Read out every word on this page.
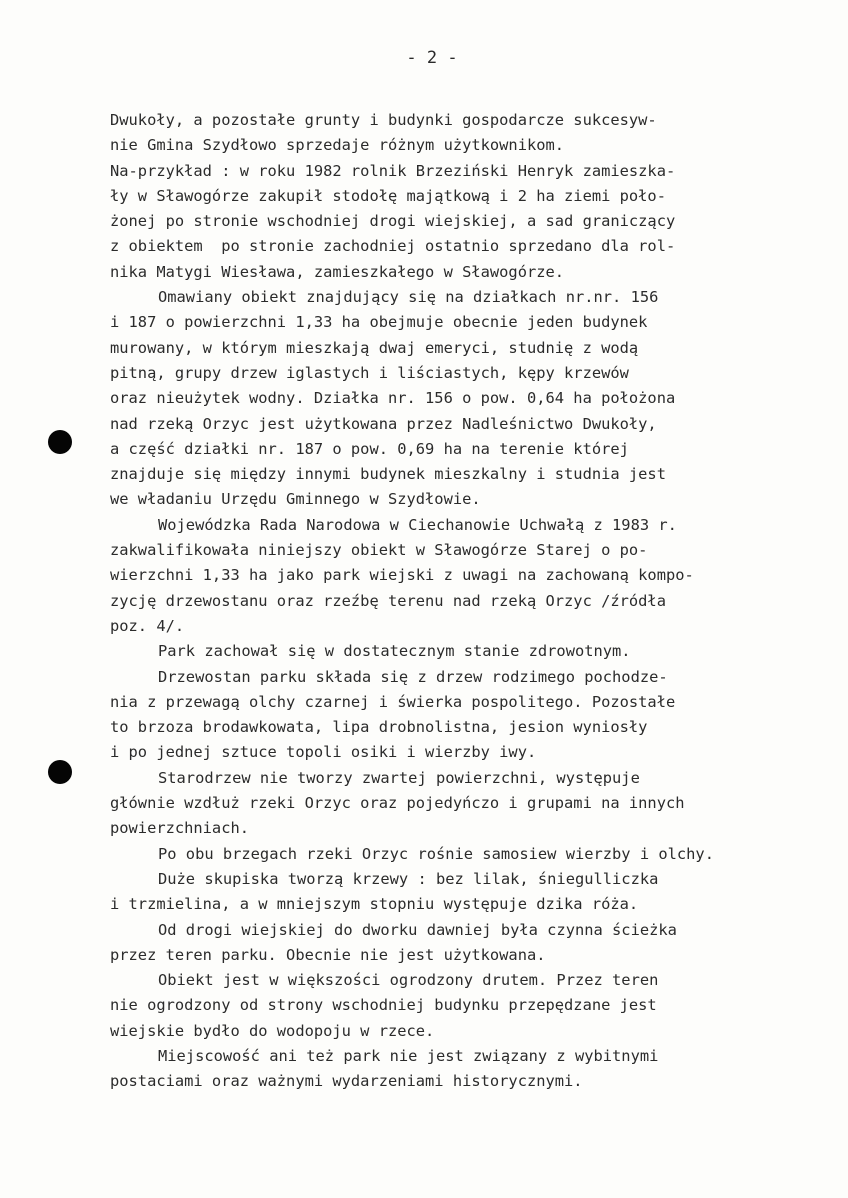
- 2 -
Dwukoły, a pozostałe grunty i budynki gospodarcze sukcesyw-
nie Gmina Szydłowo sprzedaje różnym użytkownikom.
Na-przykład : w roku 1982 rolnik Brzeziński Henryk zamieszka-
ły w Sławogórze zakupił stodołę majątkową i 2 ha ziemi poło-
żonej po stronie wschodniej drogi wiejskiej, a sad graniczący
z obiektem  po stronie zachodniej ostatnio sprzedano dla rol-
nika Matygi Wiesława, zamieszkałego w Sławogórze.
Omawiany obiekt znajdujący się na działkach nr.nr. 156
i 187 o powierzchni 1,33 ha obejmuje obecnie jeden budynek
murowany, w którym mieszkają dwaj emeryci, studnię z wodą
pitną, grupy drzew iglastych i liściastych, kępy krzewów
oraz nieużytek wodny. Działka nr. 156 o pow. 0,64 ha położona
nad rzeką Orzyc jest użytkowana przez Nadleśnictwo Dwukoły,
a część działki nr. 187 o pow. 0,69 ha na terenie której
znajduje się między innymi budynek mieszkalny i studnia jest
we władaniu Urzędu Gminnego w Szydłowie.
Wojewódzka Rada Narodowa w Ciechanowie Uchwałą z 1983 r.
zakwalifikowała niniejszy obiekt w Sławogórze Starej o po-
wierzchni 1,33 ha jako park wiejski z uwagi na zachowaną kompo-
zycję drzewostanu oraz rzeźbę terenu nad rzeką Orzyc /źródła
poz. 4/.
Park zachował się w dostatecznym stanie zdrowotnym.
Drzewostan parku składa się z drzew rodzimego pochodze-
nia z przewagą olchy czarnej i świerka pospolitego. Pozostałe
to brzoza brodawkowata, lipa drobnolistna, jesion wyniosły
i po jednej sztuce topoli osiki i wierzby iwy.
Starodrzew nie tworzy zwartej powierzchni, występuje
głównie wzdłuż rzeki Orzyc oraz pojedyńczo i grupami na innych
powierzchniach.
Po obu brzegach rzeki Orzyc rośnie samosiew wierzby i olchy.
Duże skupiska tworzą krzewy : bez lilak, śniegulliczka
i trzmielina, a w mniejszym stopniu występuje dzika róża.
Od drogi wiejskiej do dworku dawniej była czynna ścieżka
przez teren parku. Obecnie nie jest użytkowana.
Obiekt jest w większości ogrodzony drutem. Przez teren
nie ogrodzony od strony wschodniej budynku przepędzane jest
wiejskie bydło do wodopoju w rzece.
Miejscowość ani też park nie jest związany z wybitnymi
postaciami oraz ważnymi wydarzeniami historycznymi.
